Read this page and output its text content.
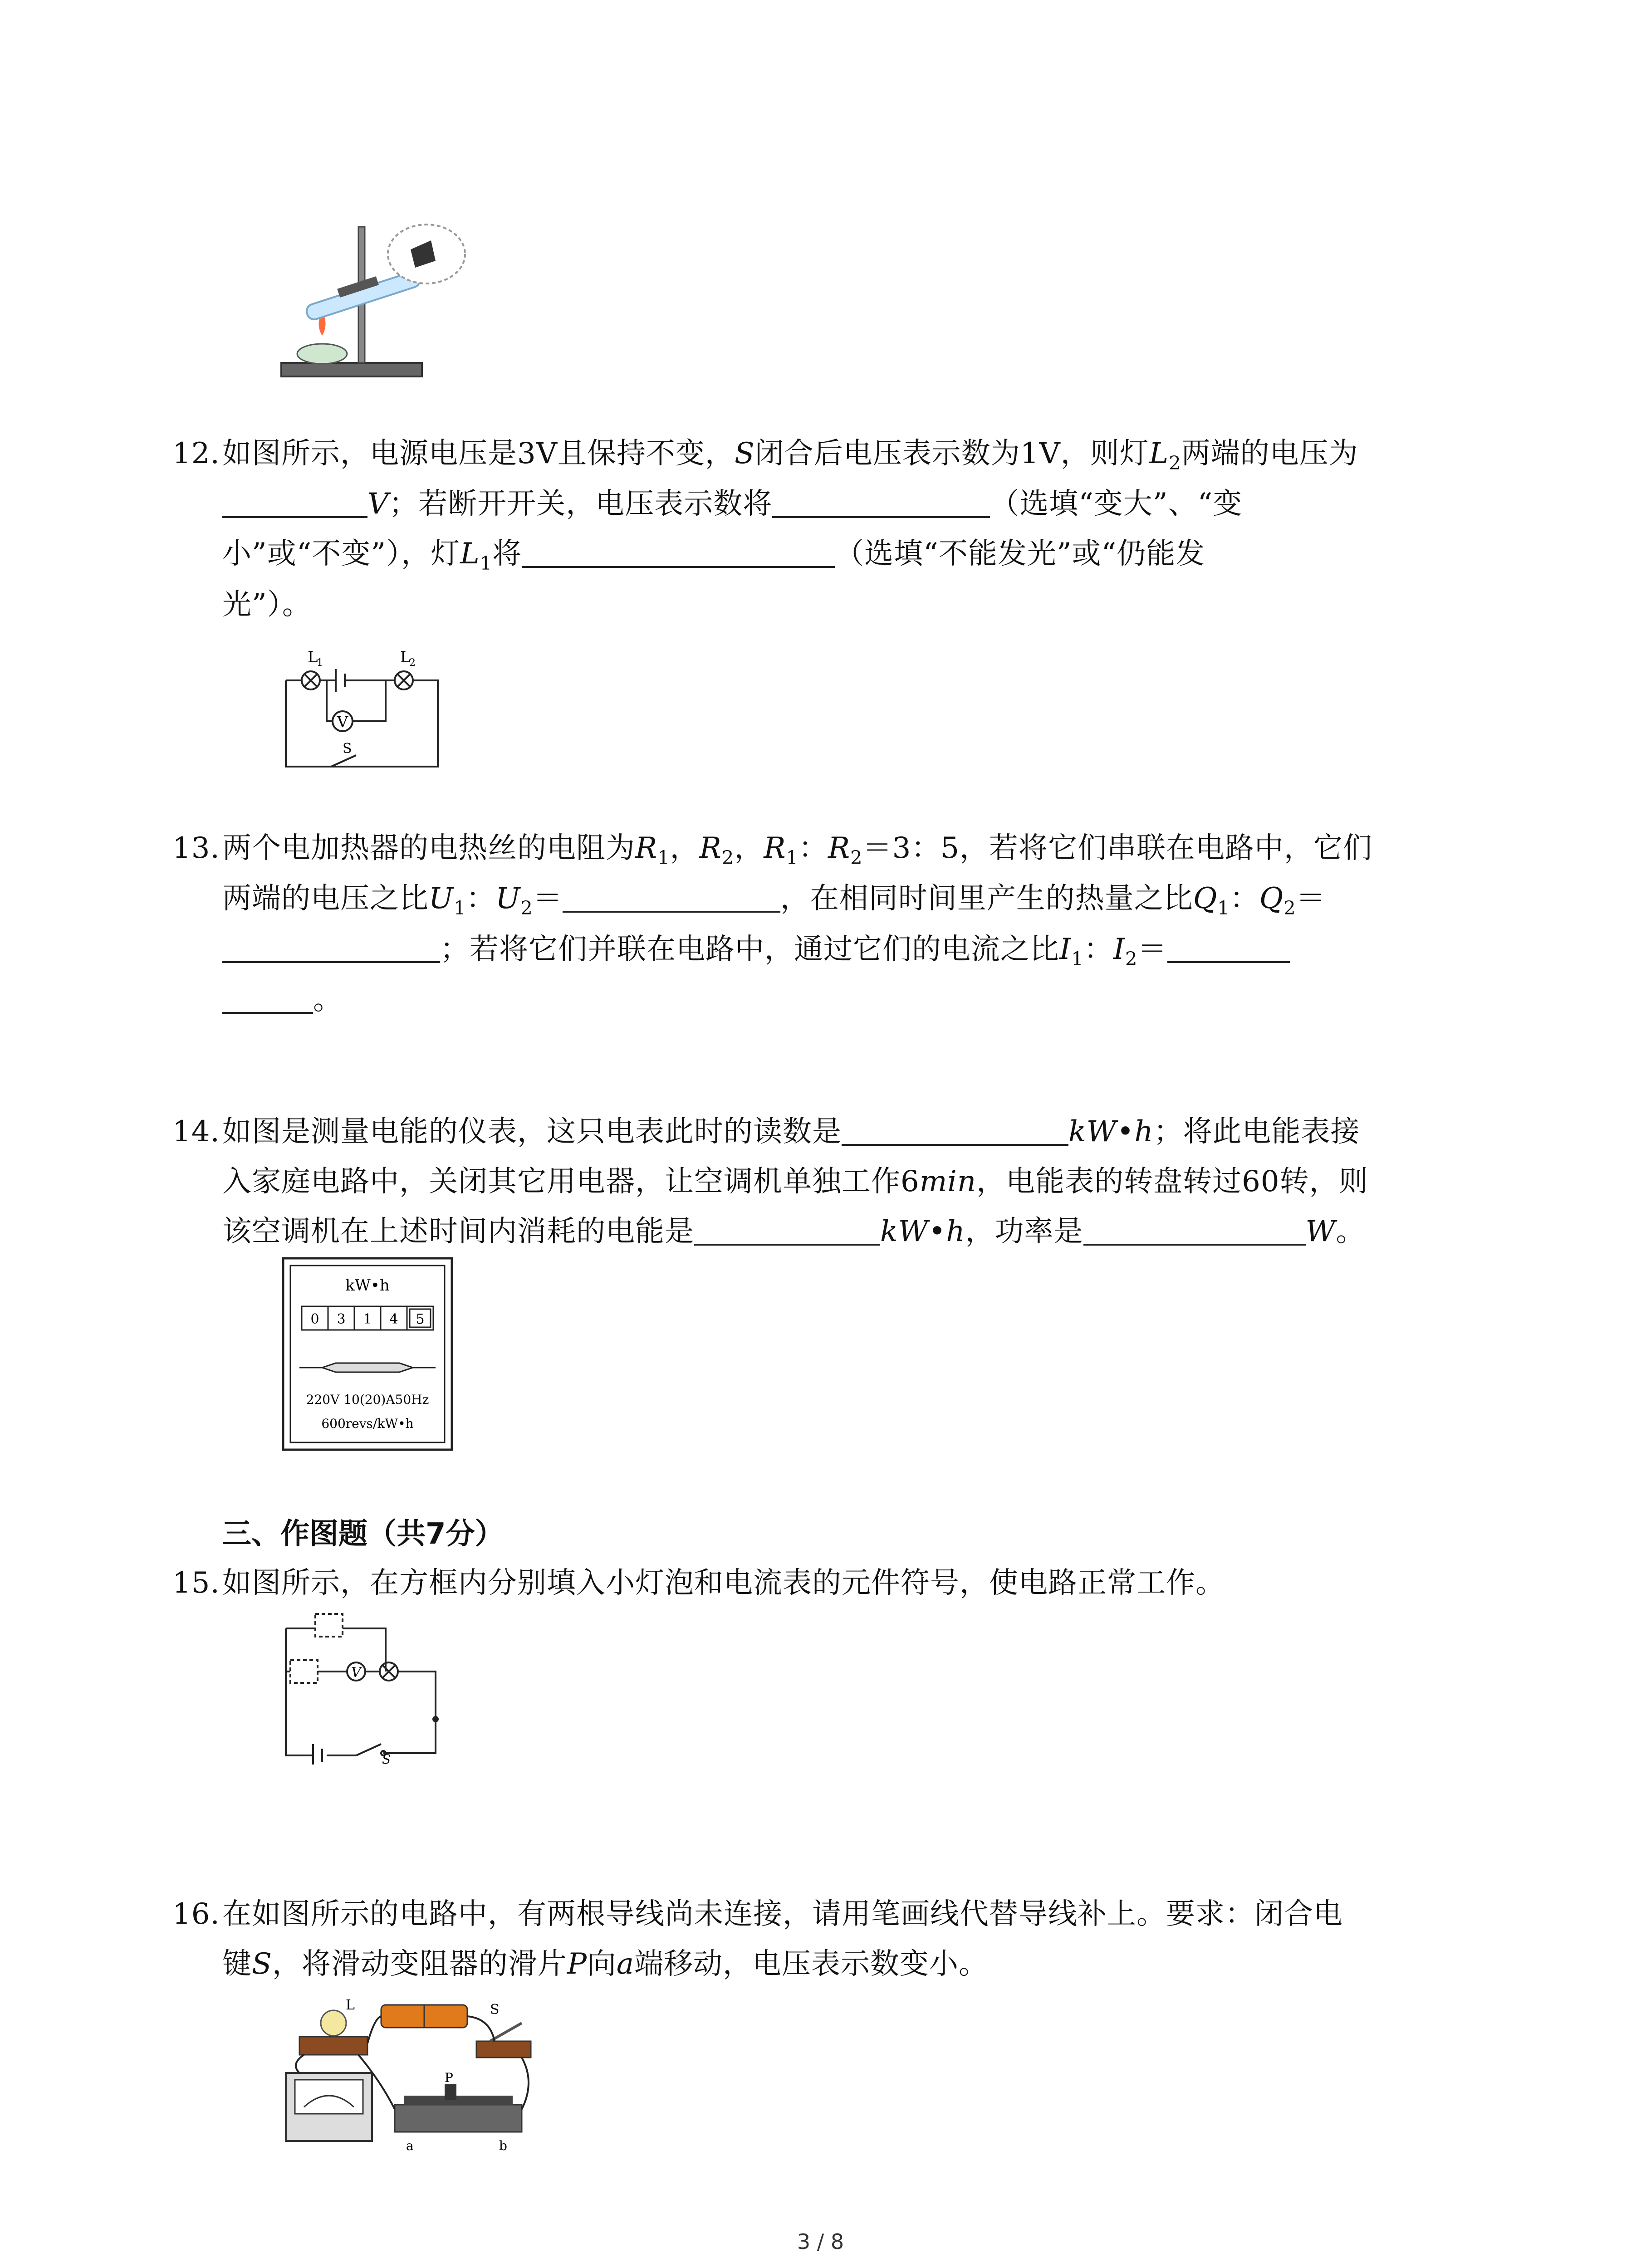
12. 如图所示，电源电压是3V且保持不变，S闭合后电压表示数为1V，则灯$L_2$两端的电压为
V；若断开开关，电压表示数将	（选填“变大”、“变
小”或“不变”），灯$L_1$将	（选填“不能发光”或“仍能发
光”）。
V
L
1	L
2
S
13. 两个电加热器的电热丝的电阻为$R_1$，$R_2$，$R_1$：$R_2=3$：5，若将它们串联在电路中，它们
两端的电压之比$U_1$：$U_2=$	，在相同时间里产生的热量之比$Q_1$：$Q_2=$
；若将它们并联在电路中，通过它们的电流之比$I_1$：$I_2=$
。
14. 如图是测量电能的仪表，这只电表此时的读数是	kW•h；将此电能表接
入家庭电路中，关闭其它用电器，让空调机单独工作6min，电能表的转盘转过60转，则
该空调机在上述时间内消耗的电能是	kW•h，功率是	W。
kW•h
0 3 1 4 5
220V 10(20)A50Hz
600revs/kW•h
三、作图题（共7分）
15. 如图所示，在方框内分别填入小灯泡和电流表的元件符号，使电路正常工作。
V
S
16. 在如图所示的电路中，有两根导线尚未连接，请用笔画线代替导线补上。要求：闭合电
键S，将滑动变阻器的滑片P向a端移动，电压表示数变小。
L	S
P
a	b
3 / 8
